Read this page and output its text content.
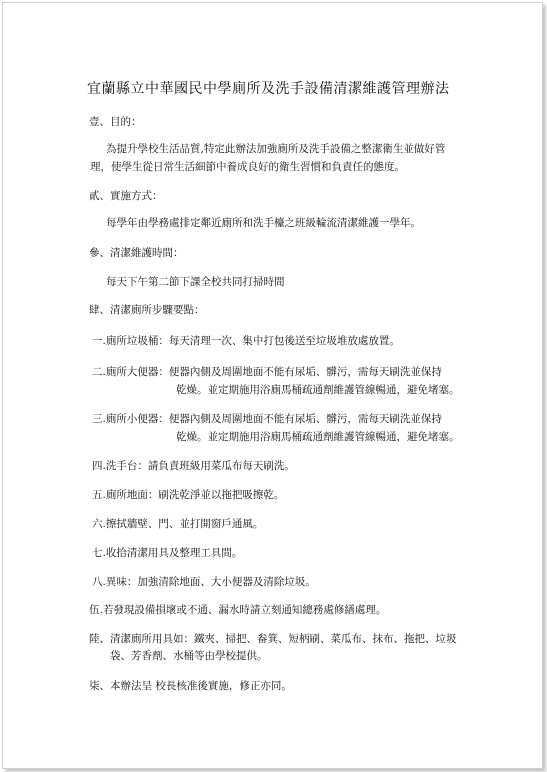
宜蘭縣立中華國民中學廁所及洗手設備清潔維護管理辦法
壹、目的：
為提升學校生活品質,特定此辦法加強廁所及洗手設備之整潔衛生並做好管
理，使學生從日常生活細節中養成良好的衛生習慣和負責任的態度。
貳、實施方式：
每學年由學務處排定鄰近廁所和洗手檯之班級輪流清潔維護一學年。
參、清潔維護時間：
每天下午第二節下課全校共同打掃時間
肆、清潔廁所步驟要點：
一.廁所垃圾桶：每天清理一次、集中打包後送至垃圾堆放處放置。
二.廁所大便器：便器內側及周圍地面不能有尿垢、髒污，需每天刷洗並保持
乾燥。並定期施用浴廁馬桶疏通劑維護管線暢通，避免堵塞。
三.廁所小便器：便器內側及周圍地面不能有尿垢、髒污，需每天刷洗並保持
乾燥。並定期施用浴廁馬桶疏通劑維護管線暢通，避免堵塞。
四.洗手台：請負責班級用菜瓜布每天刷洗。
五.廁所地面：刷洗乾淨並以拖把吸擦乾。
六.擦拭牆壁、門、並打開窗戶通風。
七.收拾清潔用具及整理工具間。
八.異味：加強清除地面、大小便器及清除垃圾。
伍.若發現設備損壞或不通、漏水時請立刻通知總務處修繕處理。
陸、清潔廁所用具如：鐵夾、掃把、畚箕、短柄刷、菜瓜布、抹布、拖把、垃圾
袋、芳香劑、水桶等由學校提供。
柒、本辦法呈 校長核准後實施，修正亦同。
